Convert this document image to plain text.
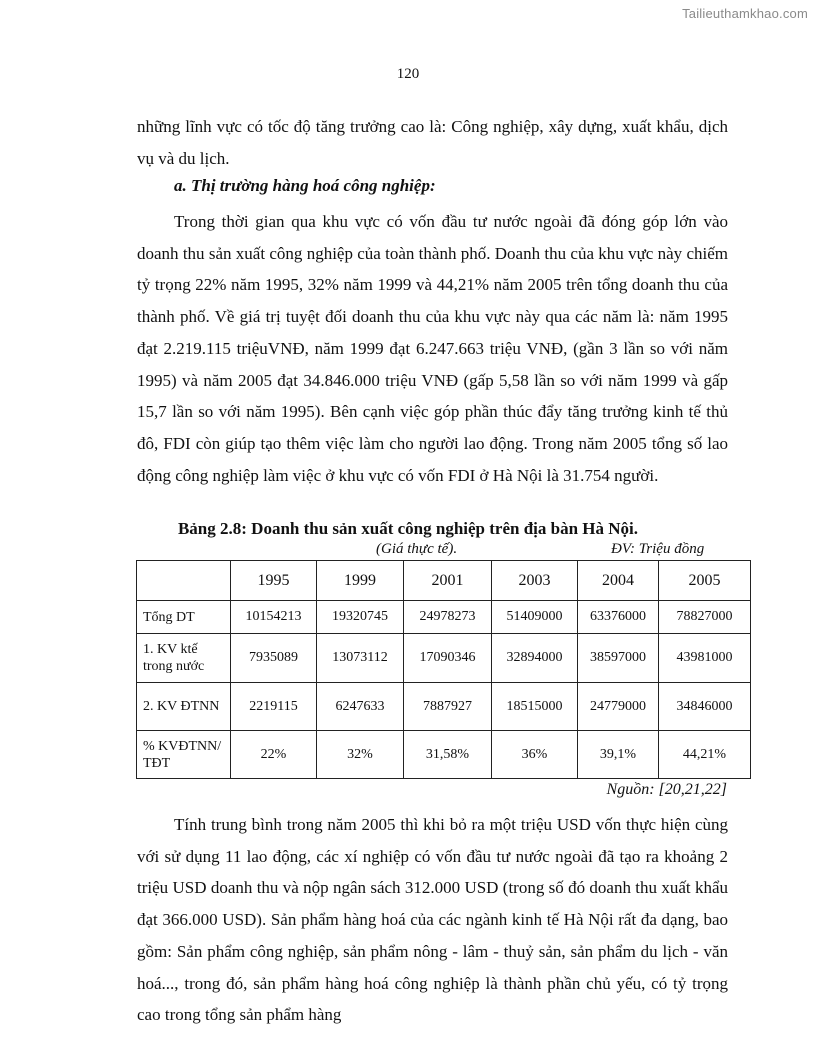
Tailieuthamkhao.com
120
những lĩnh vực có tốc độ tăng trưởng cao là: Công nghiệp, xây dựng, xuất khẩu, dịch vụ và du lịch.
a. Thị trường hàng hoá công nghiệp:
Trong thời gian qua khu vực có vốn đầu tư nước ngoài đã đóng góp lớn vào doanh thu sản xuất công nghiệp của toàn thành phố. Doanh thu của khu vực này chiếm tỷ trọng 22% năm 1995, 32% năm 1999 và 44,21% năm 2005 trên tổng doanh thu của thành phố. Về giá trị tuyệt đối doanh thu của khu vực này qua các năm là: năm 1995 đạt 2.219.115 triệuVNĐ, năm 1999 đạt 6.247.663 triệu VNĐ, (gần 3 lần so với năm 1995) và năm 2005 đạt 34.846.000 triệu VNĐ (gấp 5,58 lần so với năm 1999 và gấp 15,7 lần so với năm 1995). Bên cạnh việc góp phần thúc đẩy tăng trưởng kinh tế thủ đô, FDI còn giúp tạo thêm việc làm cho người lao động. Trong năm 2005 tổng số lao động công nghiệp làm việc ở khu vực có vốn FDI ở Hà Nội là 31.754 người.
Bảng 2.8: Doanh thu sản xuất công nghiệp trên địa bàn Hà Nội.
(Giá thực tế).	ĐV: Triệu đồng
	1995	1999	2001	2003	2004	2005
Tổng DT	10154213	19320745	24978273	51409000	63376000	78827000
1. KV ktế trong nước	7935089	13073112	17090346	32894000	38597000	43981000
2. KV ĐTNN	2219115	6247633	7887927	18515000	24779000	34846000
% KVĐTNN/ TĐT	22%	32%	31,58%	36%	39,1%	44,21%
Nguồn: [20,21,22]
Tính trung bình trong năm 2005 thì khi bỏ ra một triệu USD vốn thực hiện cùng với sử dụng 11 lao động, các xí nghiệp có vốn đầu tư nước ngoài đã tạo ra khoảng 2 triệu USD doanh thu và nộp ngân sách 312.000 USD (trong số đó doanh thu xuất khẩu đạt 366.000 USD). Sản phẩm hàng hoá của các ngành kinh tế Hà Nội rất đa dạng, bao gồm: Sản phẩm công nghiệp, sản phẩm nông - lâm - thuỷ sản, sản phẩm du lịch - văn hoá..., trong đó, sản phẩm hàng hoá công nghiệp là thành phần chủ yếu, có tỷ trọng cao trong tổng sản phẩm hàng
